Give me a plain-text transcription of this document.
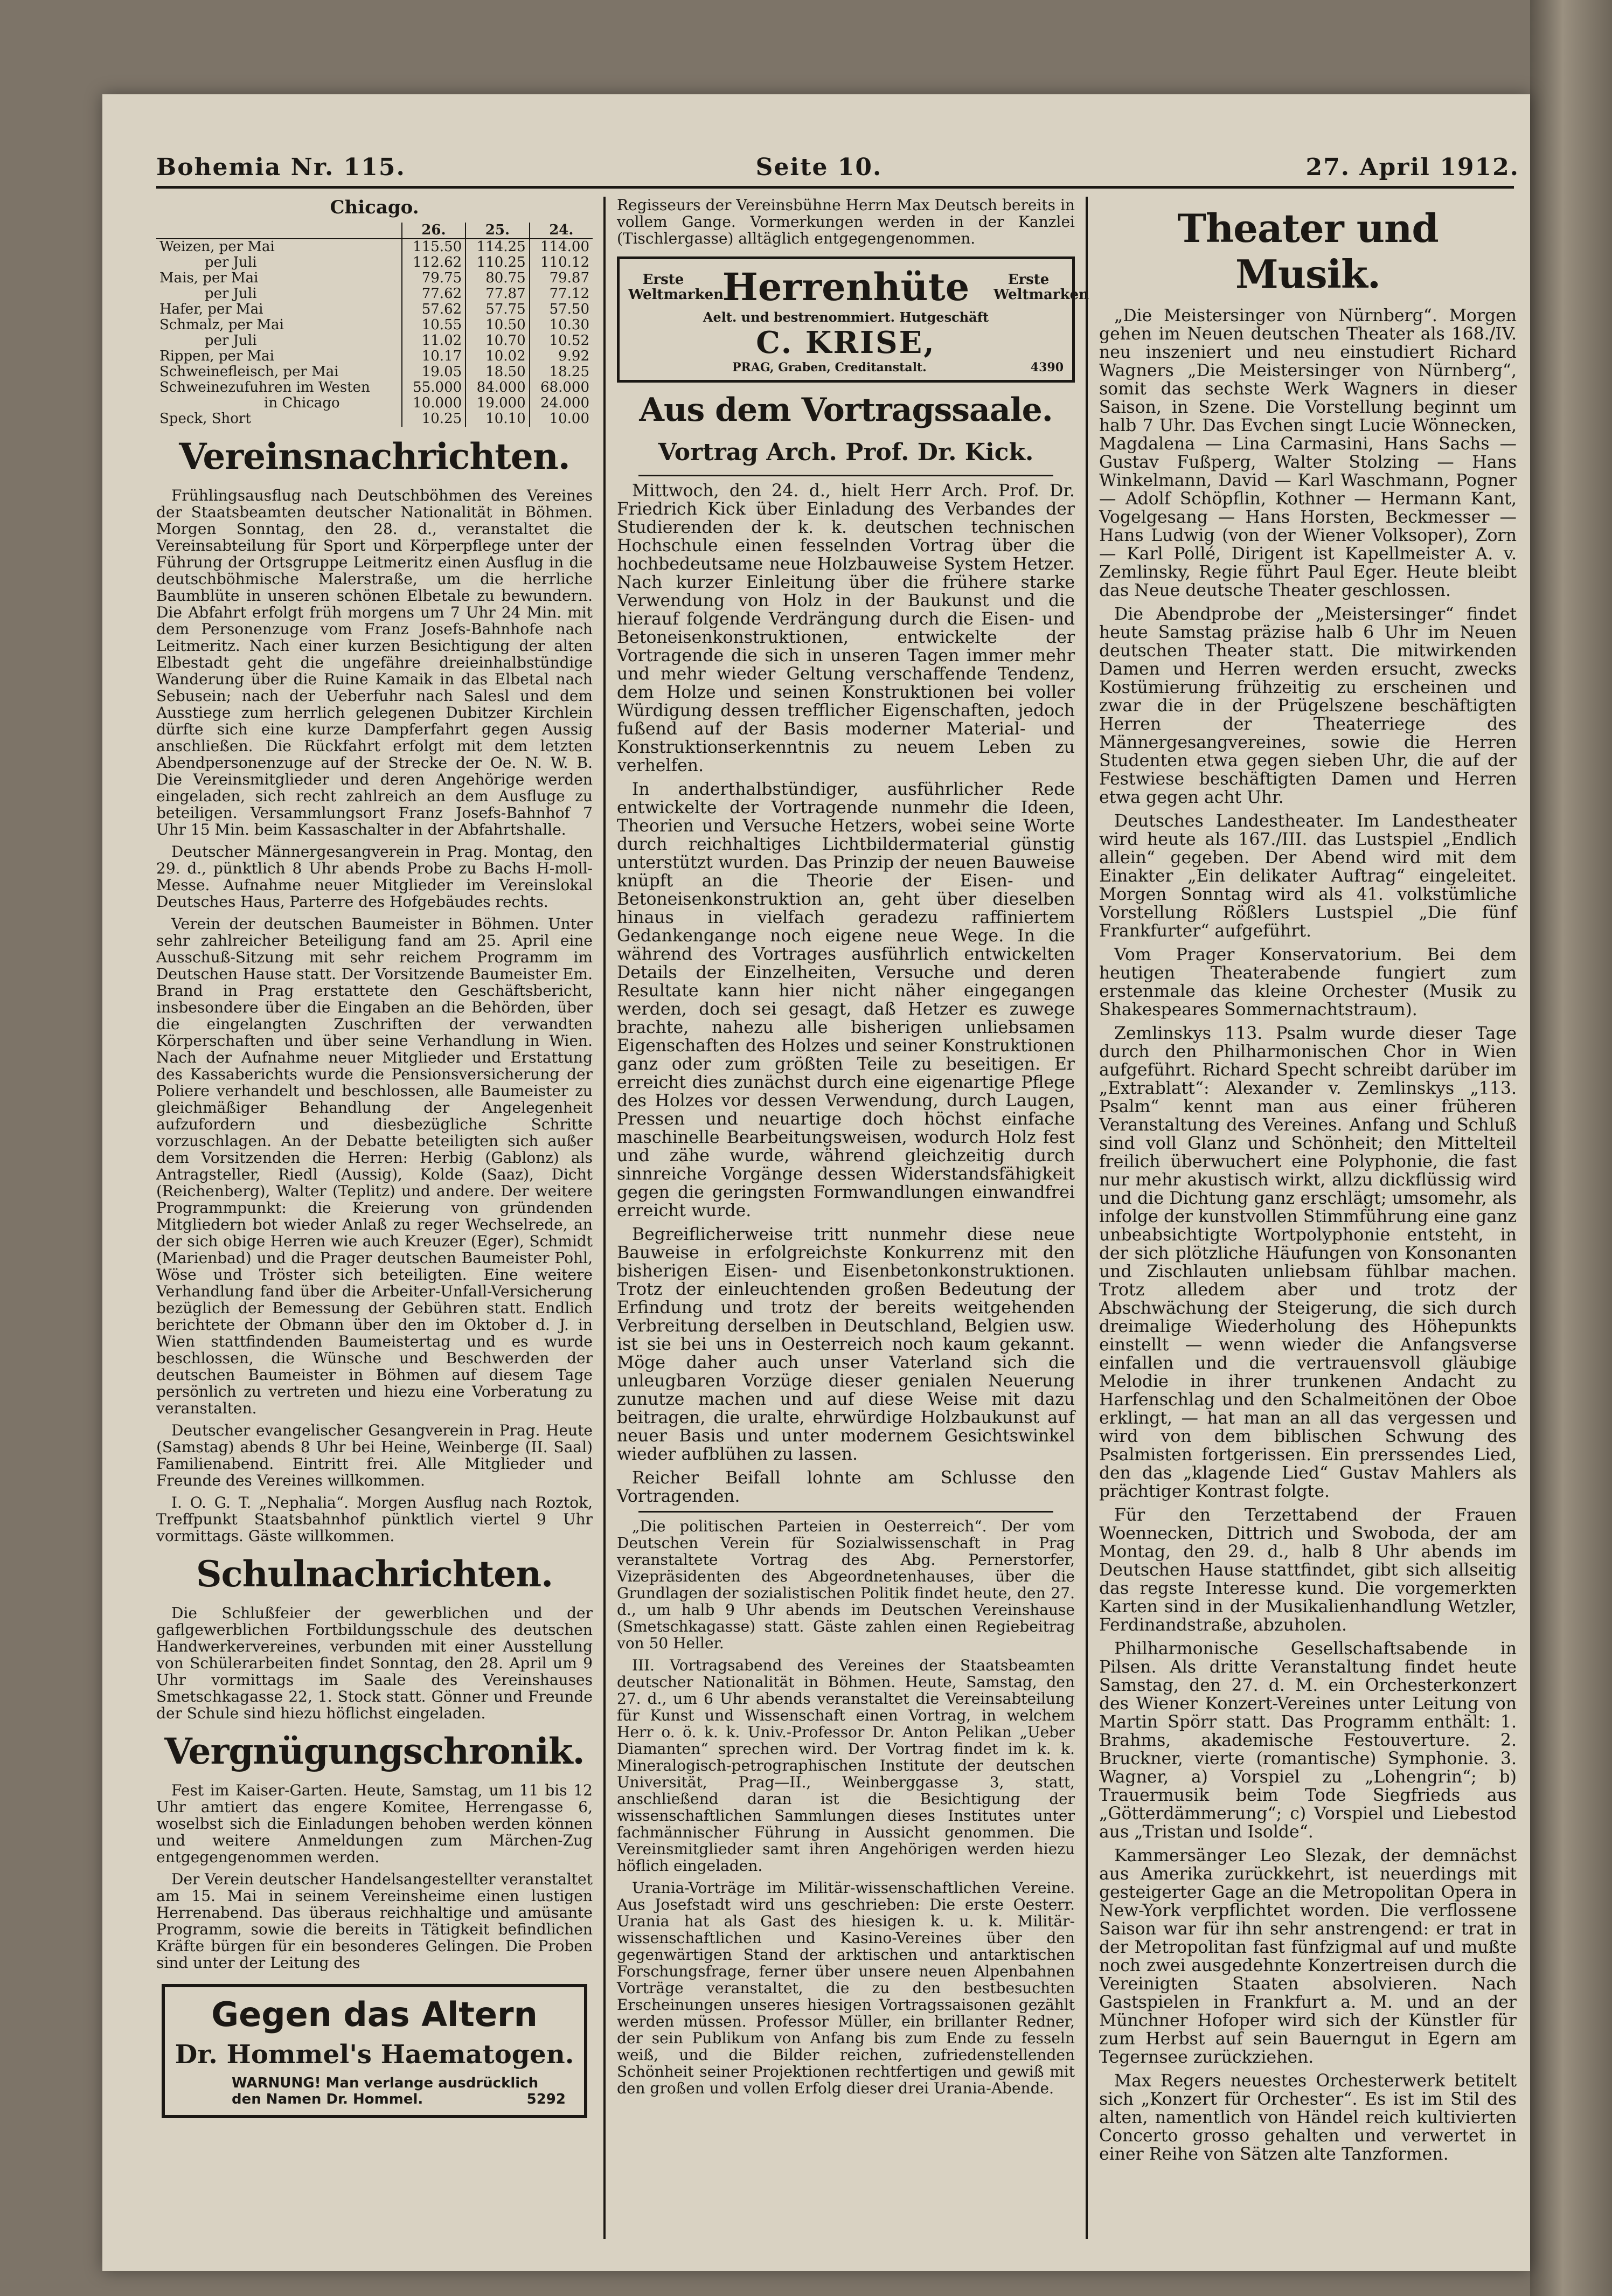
Bohemia Nr. 115.	Seite 10.	27. April 1912.
Chicago.
	26.	25.	24.
Weizen, per Mai	115.50	114.25	114.00
per Juli	112.62	110.25	110.12
Mais, per Mai	79.75	80.75	79.87
per Juli	77.62	77.87	77.12
Hafer, per Mai	57.62	57.75	57.50
Schmalz, per Mai	10.55	10.50	10.30
per Juli	11.02	10.70	10.52
Rippen, per Mai	10.17	10.02	9.92
Schweinefleisch, per Mai	19.05	18.50	18.25
Schweinezufuhren im Westen	55.000	84.000	68.000
in Chicago	10.000	19.000	24.000
Speck, Short	10.25	10.10	10.00
Vereinsnachrichten.

Frühlingsausflug nach Deutschböhmen des Vereines der Staatsbeamten deutscher Nationalität in Böhmen. Morgen Sonntag, den 28. d., veranstaltet die Vereinsabteilung für Sport und Körperpflege unter der Führung der Ortsgruppe Leitmeritz einen Ausflug in die deutschböhmische Malerstraße, um die herrliche Baumblüte in unseren schönen Elbetale zu bewundern. Die Abfahrt erfolgt früh morgens um 7 Uhr 24 Min. mit dem Personenzuge vom Franz Josefs-Bahnhofe nach Leitmeritz. Nach einer kurzen Besichtigung der alten Elbestadt geht die ungefähre dreieinhalbstündige Wanderung über die Ruine Kamaik in das Elbetal nach Sebusein; nach der Ueberfuhr nach Salesl und dem Ausstiege zum herrlich gelegenen Dubitzer Kirchlein dürfte sich eine kurze Dampferfahrt gegen Aussig anschließen. Die Rückfahrt erfolgt mit dem letzten Abendpersonenzuge auf der Strecke der Oe. N. W. B. Die Vereinsmitglieder und deren Angehörige werden eingeladen, sich recht zahlreich an dem Ausfluge zu beteiligen. Versammlungsort Franz Josefs-Bahnhof 7 Uhr 15 Min. beim Kassaschalter in der Abfahrtshalle.

Deutscher Männergesangverein in Prag. Montag, den 29. d., pünktlich 8 Uhr abends Probe zu Bachs H-moll-Messe. Aufnahme neuer Mitglieder im Vereinslokal Deutsches Haus, Parterre des Hofgebäudes rechts.

Verein der deutschen Baumeister in Böhmen. Unter sehr zahlreicher Beteiligung fand am 25. April eine Ausschuß-Sitzung mit sehr reichem Programm im Deutschen Hause statt. Der Vorsitzende Baumeister Em. Brand in Prag erstattete den Geschäftsbericht, insbesondere über die Eingaben an die Behörden, über die eingelangten Zuschriften der verwandten Körperschaften und über seine Verhandlung in Wien. Nach der Aufnahme neuer Mitglieder und Erstattung des Kassaberichts wurde die Pensionsversicherung der Poliere verhandelt und beschlossen, alle Baumeister zu gleichmäßiger Behandlung der Angelegenheit aufzufordern und diesbezügliche Schritte vorzuschlagen. An der Debatte beteiligten sich außer dem Vorsitzenden die Herren: Herbig (Gablonz) als Antragsteller, Riedl (Aussig), Kolde (Saaz), Dicht (Reichenberg), Walter (Teplitz) und andere. Der weitere Programmpunkt: die Kreierung von gründenden Mitgliedern bot wieder Anlaß zu reger Wechselrede, an der sich obige Herren wie auch Kreuzer (Eger), Schmidt (Marienbad) und die Prager deutschen Baumeister Pohl, Wöse und Tröster sich beteiligten. Eine weitere Verhandlung fand über die Arbeiter-Unfall-Versicherung bezüglich der Bemessung der Gebühren statt. Endlich berichtete der Obmann über den im Oktober d. J. in Wien stattfindenden Baumeistertag und es wurde beschlossen, die Wünsche und Beschwerden der deutschen Baumeister in Böhmen auf diesem Tage persönlich zu vertreten und hiezu eine Vorberatung zu veranstalten.

Deutscher evangelischer Gesangverein in Prag. Heute (Samstag) abends 8 Uhr bei Heine, Weinberge (II. Saal) Familienabend. Eintritt frei. Alle Mitglieder und Freunde des Vereines willkommen.

I. O. G. T. „Nephalia“. Morgen Ausflug nach Roztok, Treffpunkt Staatsbahnhof pünktlich viertel 9 Uhr vormittags. Gäste willkommen.

Schulnachrichten.

Die Schlußfeier der gewerblichen und der gaflgewerblichen Fortbildungsschule des deutschen Handwerkervereines, verbunden mit einer Ausstellung von Schülerarbeiten findet Sonntag, den 28. April um 9 Uhr vormittags im Saale des Vereinshauses Smetschkagasse 22, 1. Stock statt. Gönner und Freunde der Schule sind hiezu höflichst eingeladen.

Vergnügungschronik.

Fest im Kaiser-Garten. Heute, Samstag, um 11 bis 12 Uhr amtiert das engere Komitee, Herrengasse 6, woselbst sich die Einladungen behoben werden können und weitere Anmeldungen zum Märchen-Zug entgegengenommen werden.

Der Verein deutscher Handelsangestellter veranstaltet am 15. Mai in seinem Vereinsheime einen lustigen Herrenabend. Das überaus reichhaltige und amüsante Programm, sowie die bereits in Tätigkeit befindlichen Kräfte bürgen für ein besonderes Gelingen. Die Proben sind unter der Leitung des

Gegen das Altern
Dr. Hommel's Haematogen.
WARNUNG! Man verlange ausdrücklich
den Namen Dr. Hommel.	5292

Regisseurs der Vereinsbühne Herrn Max Deutsch bereits in vollem Gange. Vormerkungen werden in der Kanzlei (Tischlergasse) alltäglich entgegengenommen.

Erste
Weltmarken
Herrenhüte	Erste
Weltmarken
Aelt. und bestrenommiert. Hutgeschäft
C. KRISE,
PRAG, Graben, Creditanstalt.	4390
Aus dem Vortragssaale.
Vortrag Arch. Prof. Dr. Kick.

Mittwoch, den 24. d., hielt Herr Arch. Prof. Dr. Friedrich Kick über Einladung des Verbandes der Studierenden der k. k. deutschen technischen Hochschule einen fesselnden Vortrag über die hochbedeutsame neue Holzbauweise System Hetzer. Nach kurzer Einleitung über die frühere starke Verwendung von Holz in der Baukunst und die hierauf folgende Verdrängung durch die Eisen- und Betoneisenkonstruktionen, entwickelte der Vortragende die sich in unseren Tagen immer mehr und mehr wieder Geltung verschaffende Tendenz, dem Holze und seinen Konstruktionen bei voller Würdigung dessen trefflicher Eigenschaften, jedoch fußend auf der Basis moderner Material- und Konstruktionserkenntnis zu neuem Leben zu verhelfen.

In anderthalbstündiger, ausführlicher Rede entwickelte der Vortragende nunmehr die Ideen, Theorien und Versuche Hetzers, wobei seine Worte durch reichhaltiges Lichtbildermaterial günstig unterstützt wurden. Das Prinzip der neuen Bauweise knüpft an die Theorie der Eisen- und Betoneisenkonstruktion an, geht über dieselben hinaus in vielfach geradezu raffiniertem Gedankengange noch eigene neue Wege. In die während des Vortrages ausführlich entwickelten Details der Einzelheiten, Versuche und deren Resultate kann hier nicht näher eingegangen werden, doch sei gesagt, daß Hetzer es zuwege brachte, nahezu alle bisherigen unliebsamen Eigenschaften des Holzes und seiner Konstruktionen ganz oder zum größten Teile zu beseitigen. Er erreicht dies zunächst durch eine eigenartige Pflege des Holzes vor dessen Verwendung, durch Laugen, Pressen und neuartige doch höchst einfache maschinelle Bearbeitungsweisen, wodurch Holz fest und zähe wurde, während gleichzeitig durch sinnreiche Vorgänge dessen Widerstandsfähigkeit gegen die geringsten Formwandlungen einwandfrei erreicht wurde.

Begreiflicherweise tritt nunmehr diese neue Bauweise in erfolgreichste Konkurrenz mit den bisherigen Eisen- und Eisenbetonkonstruktionen. Trotz der einleuchtenden großen Bedeutung der Erfindung und trotz der bereits weitgehenden Verbreitung derselben in Deutschland, Belgien usw. ist sie bei uns in Oesterreich noch kaum gekannt. Möge daher auch unser Vaterland sich die unleugbaren Vorzüge dieser genialen Neuerung zunutze machen und auf diese Weise mit dazu beitragen, die uralte, ehrwürdige Holzbaukunst auf neuer Basis und unter modernem Gesichtswinkel wieder aufblühen zu lassen.

Reicher Beifall lohnte am Schlusse den Vortragenden.

„Die politischen Parteien in Oesterreich“. Der vom Deutschen Verein für Sozialwissenschaft in Prag veranstaltete Vortrag des Abg. Pernerstorfer, Vizepräsidenten des Abgeordnetenhauses, über die Grundlagen der sozialistischen Politik findet heute, den 27. d., um halb 9 Uhr abends im Deutschen Vereinshause (Smetschkagasse) statt. Gäste zahlen einen Regiebeitrag von 50 Heller.

III. Vortragsabend des Vereines der Staatsbeamten deutscher Nationalität in Böhmen. Heute, Samstag, den 27. d., um 6 Uhr abends veranstaltet die Vereinsabteilung für Kunst und Wissenschaft einen Vortrag, in welchem Herr o. ö. k. k. Univ.-Professor Dr. Anton Pelikan „Ueber Diamanten“ sprechen wird. Der Vortrag findet im k. k. Mineralogisch-petrographischen Institute der deutschen Universität, Prag—II., Weinberggasse 3, statt, anschließend daran ist die Besichtigung der wissenschaftlichen Sammlungen dieses Institutes unter fachmännischer Führung in Aussicht genommen. Die Vereinsmitglieder samt ihren Angehörigen werden hiezu höflich eingeladen.

Urania-Vorträge im Militär-wissenschaftlichen Vereine. Aus Josefstadt wird uns geschrieben: Die erste Oesterr. Urania hat als Gast des hiesigen k. u. k. Militär-wissenschaftlichen und Kasino-Vereines über den gegenwärtigen Stand der arktischen und antarktischen Forschungsfrage, ferner über unsere neuen Alpenbahnen Vorträge veranstaltet, die zu den bestbesuchten Erscheinungen unseres hiesigen Vortragssaisonen gezählt werden müssen. Professor Müller, ein brillanter Redner, der sein Publikum von Anfang bis zum Ende zu fesseln weiß, und die Bilder reichen, zufriedenstellenden Schönheit seiner Projektionen rechtfertigen und gewiß mit den großen und vollen Erfolg dieser drei Urania-Abende.

Theater und Musik.

„Die Meistersinger von Nürnberg“. Morgen gehen im Neuen deutschen Theater als 168./IV. neu inszeniert und neu einstudiert Richard Wagners „Die Meistersinger von Nürnberg“, somit das sechste Werk Wagners in dieser Saison, in Szene. Die Vorstellung beginnt um halb 7 Uhr. Das Evchen singt Lucie Wönnecken, Magdalena — Lina Carmasini, Hans Sachs — Gustav Fußperg, Walter Stolzing — Hans Winkelmann, David — Karl Waschmann, Pogner — Adolf Schöpflin, Kothner — Hermann Kant, Vogelgesang — Hans Horsten, Beckmesser — Hans Ludwig (von der Wiener Volksoper), Zorn — Karl Pollé, Dirigent ist Kapellmeister A. v. Zemlinsky, Regie führt Paul Eger. Heute bleibt das Neue deutsche Theater geschlossen.

Die Abendprobe der „Meistersinger“ findet heute Samstag präzise halb 6 Uhr im Neuen deutschen Theater statt. Die mitwirkenden Damen und Herren werden ersucht, zwecks Kostümierung frühzeitig zu erscheinen und zwar die in der Prügelszene beschäftigten Herren der Theaterriege des Männergesangvereines, sowie die Herren Studenten etwa gegen sieben Uhr, die auf der Festwiese beschäftigten Damen und Herren etwa gegen acht Uhr.

Deutsches Landestheater. Im Landestheater wird heute als 167./III. das Lustspiel „Endlich allein“ gegeben. Der Abend wird mit dem Einakter „Ein delikater Auftrag“ eingeleitet. Morgen Sonntag wird als 41. volkstümliche Vorstellung Rößlers Lustspiel „Die fünf Frankfurter“ aufgeführt.

Vom Prager Konservatorium. Bei dem heutigen Theaterabende fungiert zum erstenmale das kleine Orchester (Musik zu Shakespeares Sommernachtstraum).

Zemlinskys 113. Psalm wurde dieser Tage durch den Philharmonischen Chor in Wien aufgeführt. Richard Specht schreibt darüber im „Extrablatt“: Alexander v. Zemlinskys „113. Psalm“ kennt man aus einer früheren Veranstaltung des Vereines. Anfang und Schluß sind voll Glanz und Schönheit; den Mittelteil freilich überwuchert eine Polyphonie, die fast nur mehr akustisch wirkt, allzu dickflüssig wird und die Dichtung ganz erschlägt; umsomehr, als infolge der kunstvollen Stimmführung eine ganz unbeabsichtigte Wortpolyphonie entsteht, in der sich plötzliche Häufungen von Konsonanten und Zischlauten unliebsam fühlbar machen. Trotz alledem aber und trotz der Abschwächung der Steigerung, die sich durch dreimalige Wiederholung des Höhepunkts einstellt — wenn wieder die Anfangsverse einfallen und die vertrauensvoll gläubige Melodie in ihrer trunkenen Andacht zu Harfenschlag und den Schalmeitönen der Oboe erklingt, — hat man an all das vergessen und wird von dem biblischen Schwung des Psalmisten fortgerissen. Ein prerssendes Lied, den das „klagende Lied“ Gustav Mahlers als prächtiger Kontrast folgte.

Für den Terzettabend der Frauen Woennecken, Dittrich und Swoboda, der am Montag, den 29. d., halb 8 Uhr abends im Deutschen Hause stattfindet, gibt sich allseitig das regste Interesse kund. Die vorgemerkten Karten sind in der Musikalienhandlung Wetzler, Ferdinandstraße, abzuholen.

Philharmonische Gesellschaftsabende in Pilsen. Als dritte Veranstaltung findet heute Samstag, den 27. d. M. ein Orchesterkonzert des Wiener Konzert-Vereines unter Leitung von Martin Spörr statt. Das Programm enthält: 1. Brahms, akademische Festouverture. 2. Bruckner, vierte (romantische) Symphonie. 3. Wagner, a) Vorspiel zu „Lohengrin“; b) Trauermusik beim Tode Siegfrieds aus „Götterdämmerung“; c) Vorspiel und Liebestod aus „Tristan und Isolde“.

Kammersänger Leo Slezak, der demnächst aus Amerika zurückkehrt, ist neuerdings mit gesteigerter Gage an die Metropolitan Opera in New-York verpflichtet worden. Die verflossene Saison war für ihn sehr anstrengend: er trat in der Metropolitan fast fünfzigmal auf und mußte noch zwei ausgedehnte Konzertreisen durch die Vereinigten Staaten absolvieren. Nach Gastspielen in Frankfurt a. M. und an der Münchner Hofoper wird sich der Künstler für zum Herbst auf sein Bauerngut in Egern am Tegernsee zurückziehen.

Max Regers neuestes Orchesterwerk betitelt sich „Konzert für Orchester“. Es ist im Stil des alten, namentlich von Händel reich kultivierten Concerto grosso gehalten und verwertet in einer Reihe von Sätzen alte Tanzformen.
